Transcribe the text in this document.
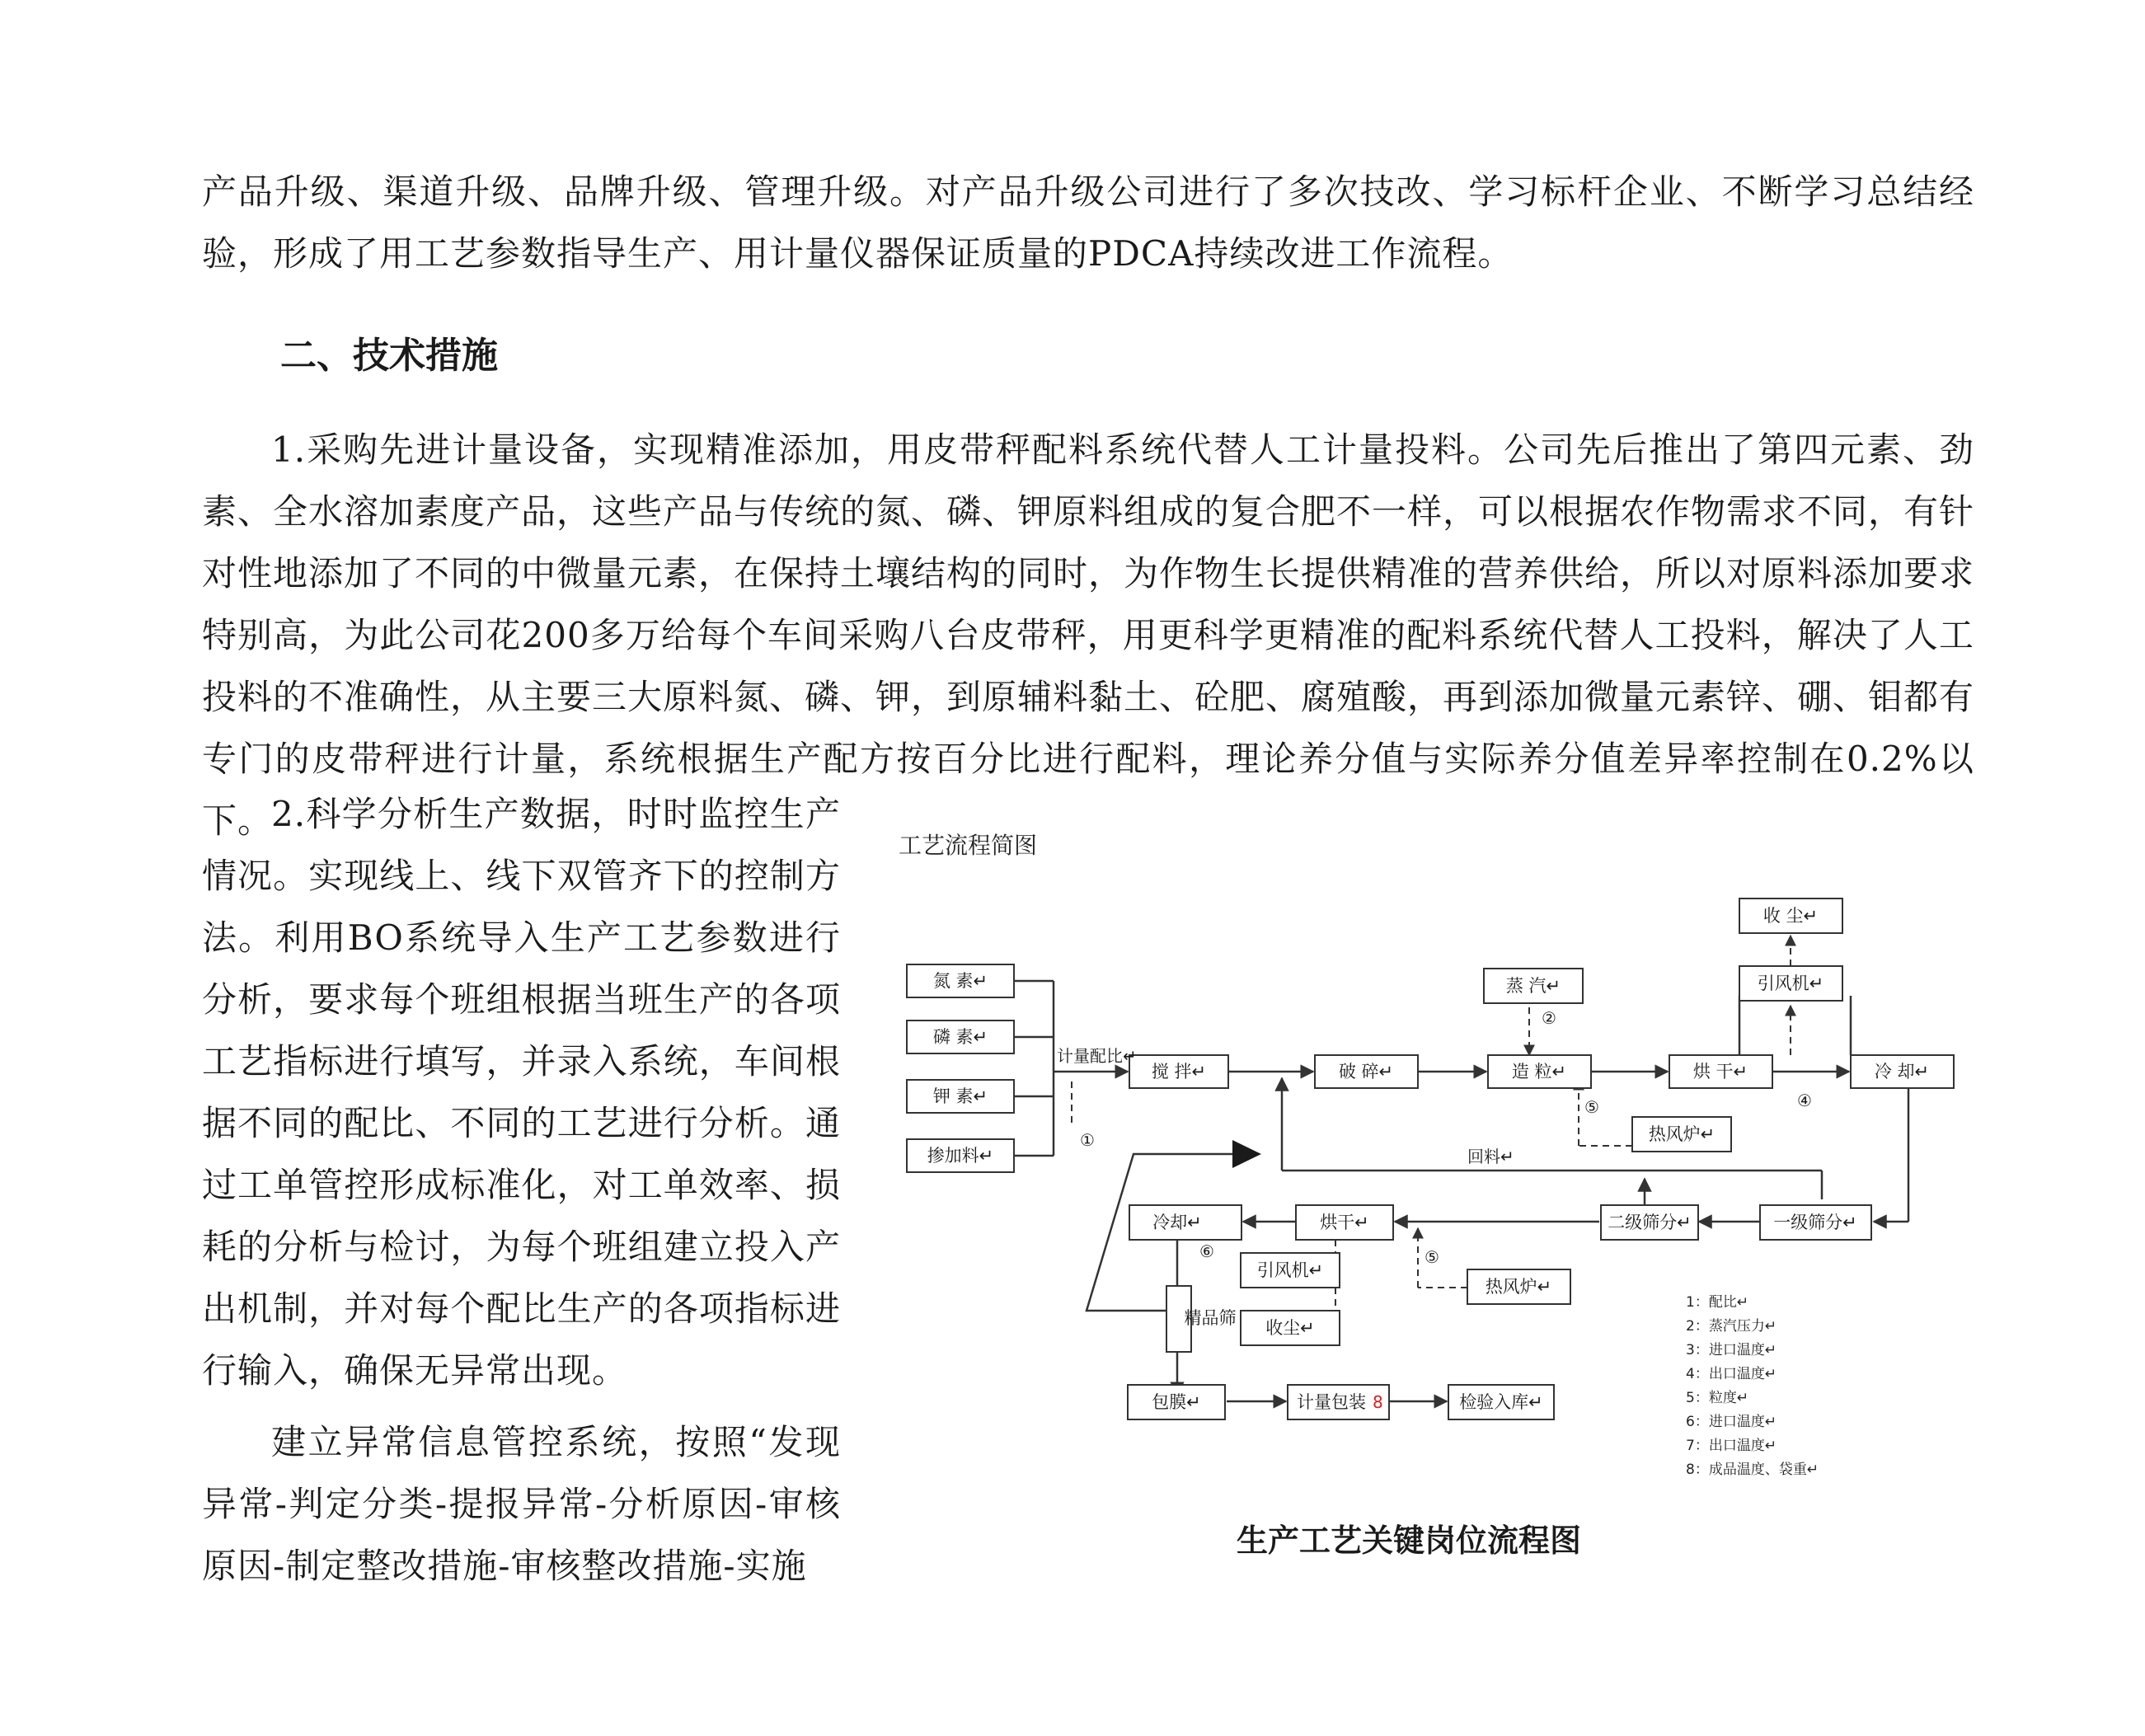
产品升级、渠道升级、品牌升级、管理升级。对产品升级公司进行了多次技改、学习标杆企业、不断学习总结经验，形成了用工艺参数指导生产、用计量仪器保证质量的PDCA持续改进工作流程。

二、技术措施

1.采购先进计量设备，实现精准添加，用皮带秤配料系统代替人工计量投料。公司先后推出了第四元素、劲素、全水溶加素度产品，这些产品与传统的氮、磷、钾原料组成的复合肥不一样，可以根据农作物需求不同，有针对性地添加了不同的中微量元素，在保持土壤结构的同时，为作物生长提供精准的营养供给，所以对原料添加要求特别高，为此公司花200多万给每个车间采购八台皮带秤，用更科学更精准的配料系统代替人工投料，解决了人工投料的不准确性，从主要三大原料氮、磷、钾，到原辅料黏土、砼肥、腐殖酸，再到添加微量元素锌、硼、钼都有专门的皮带秤进行计量，系统根据生产配方按百分比进行配料，理论养分值与实际养分值差异率控制在0.2%以下。

2.科学分析生产数据，时时监控生产情况。实现线上、线下双管齐下的控制方法。利用BO系统导入生产工艺参数进行分析，要求每个班组根据当班生产的各项工艺指标进行填写，并录入系统，车间根据不同的配比、不同的工艺进行分析。通过工单管控形成标准化，对工单效率、损耗的分析与检讨，为每个班组建立投入产出机制，并对每个配比生产的各项指标进行输入，确保无异常出现。

建立异常信息管控系统，按照“发现异常-判定分类-提报异常-分析原因-审核原因-制定整改措施-审核整改措施-实施

工艺流程简图
氮 素↵
磷 素↵
钾 素↵
掺加料↵
搅 拌↵	破 碎↵	造 粒↵	烘 干↵	冷 却↵
蒸 汽↵
热风炉↵
引风机↵
收 尘↵
一级筛分↵
二级筛分↵
烘干↵
热风炉↵
冷却↵
引风机↵
收尘↵
精品筛
包膜↵	计量包装	检验入库↵
计量配比↵
回料↵
①
②
⑤	④
⑥	⑤
8
1：配比↵
2：蒸汽压力↵
3：进口温度↵
4：出口温度↵
5：粒度↵
6：进口温度↵
7：出口温度↵
8：成品温度、袋重↵
生产工艺关键岗位流程图
